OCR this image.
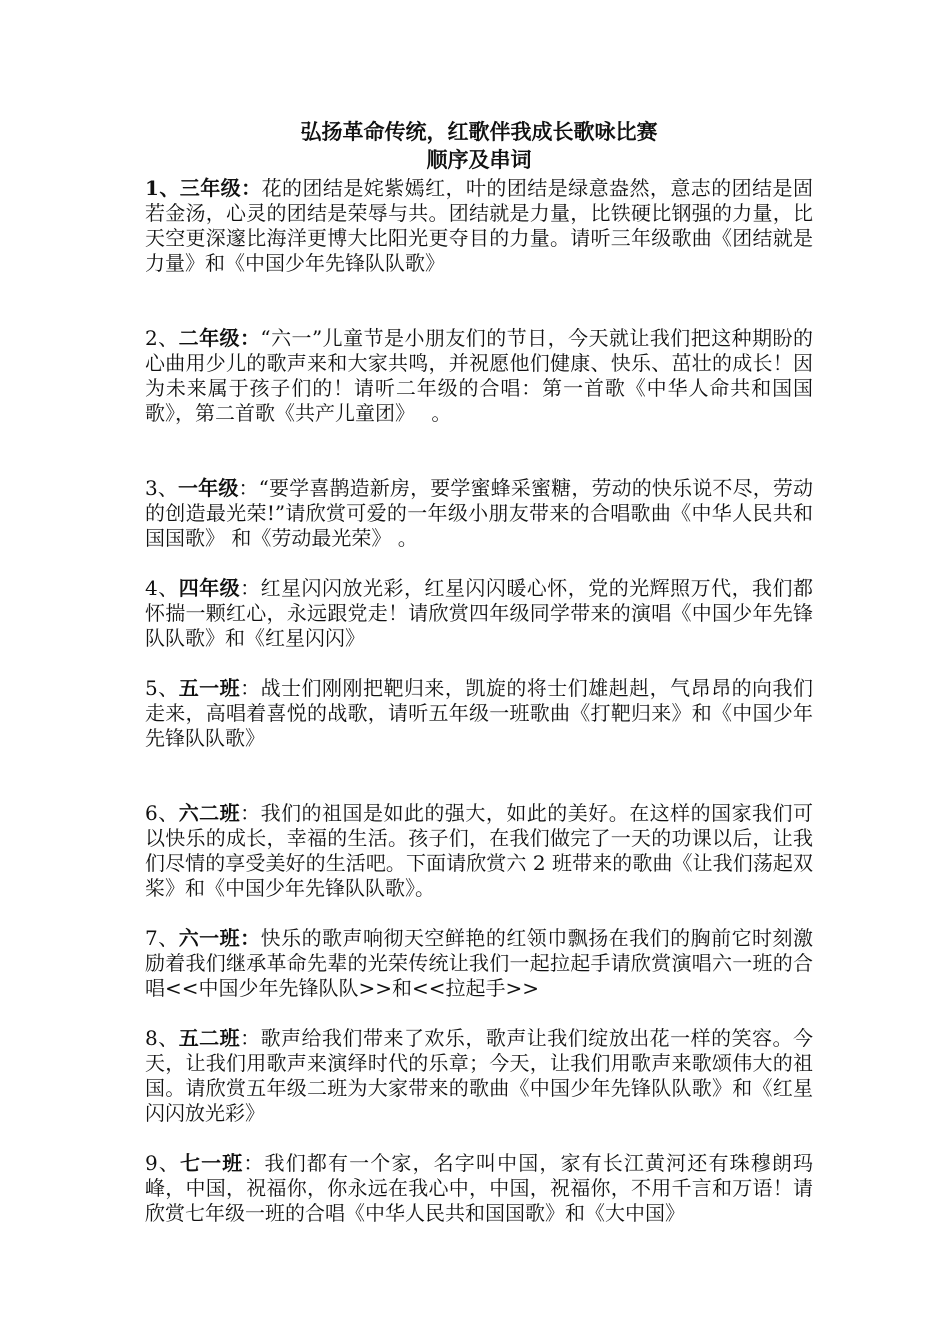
弘扬革命传统，红歌伴我成长歌咏比赛

顺序及串词

1、三年级：花的团结是姹紫嫣红，叶的团结是绿意盎然，意志的团结是固若金汤，心灵的团结是荣辱与共。团结就是力量，比铁硬比钢强的力量，比天空更深邃比海洋更博大比阳光更夺目的力量。请听三年级歌曲《团结就是力量》和《中国少年先锋队队歌》

2、二年级：“六一”儿童节是小朋友们的节日，今天就让我们把这种期盼的心曲用少儿的歌声来和大家共鸣，并祝愿他们健康、快乐、茁壮的成长！因为未来属于孩子们的！请听二年级的合唱：第一首歌《中华人命共和国国歌》，第二首歌《共产儿童团》　 。

3、一年级：“要学喜鹊造新房，要学蜜蜂采蜜糖，劳动的快乐说不尽，劳动的创造最光荣!”请欣赏可爱的一年级小朋友带来的合唱歌曲《中华人民共和国国歌》 和《劳动最光荣》 。

4、四年级：红星闪闪放光彩，红星闪闪暖心怀，党的光辉照万代，我们都怀揣一颗红心，永远跟党走！请欣赏四年级同学带来的演唱《中国少年先锋队队歌》和《红星闪闪》

5、五一班：战士们刚刚把靶归来，凯旋的将士们雄赳赳，气昂昂的向我们走来，高唱着喜悦的战歌，请听五年级一班歌曲《打靶归来》和《中国少年先锋队队歌》

6、六二班：我们的祖国是如此的强大，如此的美好。在这样的国家我们可以快乐的成长，幸福的生活。孩子们，在我们做完了一天的功课以后，让我们尽情的享受美好的生活吧。下面请欣赏六 2 班带来的歌曲《让我们荡起双桨》和《中国少年先锋队队歌》。

7、六一班：快乐的歌声响彻天空鲜艳的红领巾飘扬在我们的胸前它时刻激励着我们继承革命先辈的光荣传统让我们一起拉起手请欣赏演唱六一班的合唱<<中国少年先锋队队>>和<<拉起手>>

8、五二班：歌声给我们带来了欢乐，歌声让我们绽放出花一样的笑容。今天，让我们用歌声来演绎时代的乐章；今天，让我们用歌声来歌颂伟大的祖国。请欣赏五年级二班为大家带来的歌曲《中国少年先锋队队歌》和《红星闪闪放光彩》

9、七一班：我们都有一个家，名字叫中国，家有长江黄河还有珠穆朗玛峰，中国，祝福你，你永远在我心中，中国，祝福你，不用千言和万语！请欣赏七年级一班的合唱《中华人民共和国国歌》和《大中国》
